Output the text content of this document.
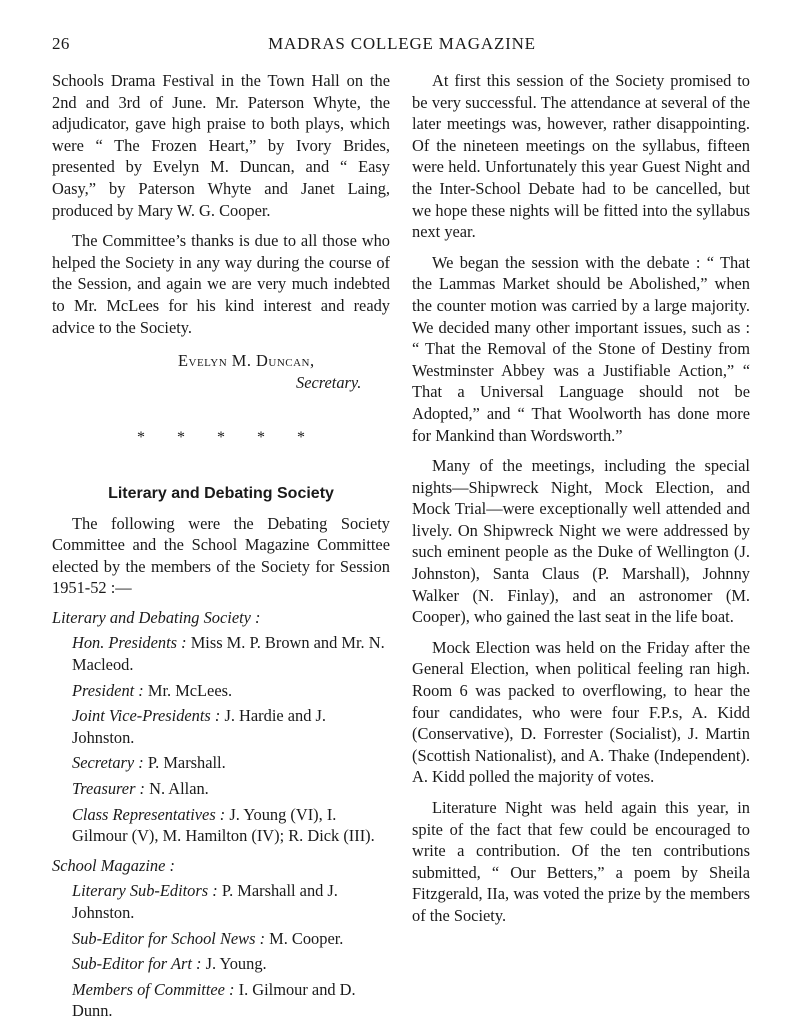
26	MADRAS COLLEGE MAGAZINE

Schools Drama Festival in the Town Hall on the 2nd and 3rd of June. Mr. Paterson Whyte, the adjudicator, gave high praise to both plays, which were “ The Frozen Heart,” by Ivory Brides, presented by Evelyn M. Duncan, and “ Easy Oasy,” by Paterson Whyte and Janet Laing, produced by Mary W. G. Cooper.

The Committee’s thanks is due to all those who helped the Society in any way during the course of the Session, and again we are very much indebted to Mr. McLees for his kind interest and ready advice to the Society.

Evelyn M. Duncan,
Secretary.
* * * * *
Literary and Debating Society

The following were the Debating Society Committee and the School Magazine Committee elected by the members of the Society for Session 1951-52 :—

Literary and Debating Society :

Hon. Presidents : Miss M. P. Brown and Mr. N. Macleod.

President : Mr. McLees.

Joint Vice-Presidents : J. Hardie and J. Johnston.

Secretary : P. Marshall.

Treasurer : N. Allan.

Class Representatives : J. Young (VI), I. Gilmour (V), M. Hamilton (IV); R. Dick (III).

School Magazine :

Literary Sub-Editors : P. Marshall and J. Johnston.

Sub-Editor for School News : M. Cooper.

Sub-Editor for Art : J. Young.

Members of Committee : I. Gilmour and D. Dunn.

At first this session of the Society promised to be very successful. The attendance at several of the later meetings was, however, rather disappointing. Of the nineteen meetings on the syllabus, fifteen were held. Unfortunately this year Guest Night and the Inter-School Debate had to be cancelled, but we hope these nights will be fitted into the syllabus next year.

We began the session with the debate : “ That the Lammas Market should be Abolished,” when the counter motion was carried by a large majority. We decided many other important issues, such as : “ That the Removal of the Stone of Destiny from Westminster Abbey was a Justifiable Action,” “ That a Universal Language should not be Adopted,” and “ That Woolworth has done more for Mankind than Wordsworth.”

Many of the meetings, including the special nights—Shipwreck Night, Mock Election, and Mock Trial—were exceptionally well attended and lively. On Shipwreck Night we were addressed by such eminent people as the Duke of Wellington (J. Johnston), Santa Claus (P. Marshall), Johnny Walker (N. Finlay), and an astronomer (M. Cooper), who gained the last seat in the life boat.

Mock Election was held on the Friday after the General Election, when political feeling ran high. Room 6 was packed to overflowing, to hear the four candidates, who were four F.P.s, A. Kidd (Conservative), D. Forrester (Socialist), J. Martin (Scottish Nationalist), and A. Thake (Independent). A. Kidd polled the majority of votes.

Literature Night was held again this year, in spite of the fact that few could be encouraged to write a contribution. Of the ten contributions submitted, “ Our Betters,” a poem by Sheila Fitzgerald, IIa, was voted the prize by the members of the Society.
